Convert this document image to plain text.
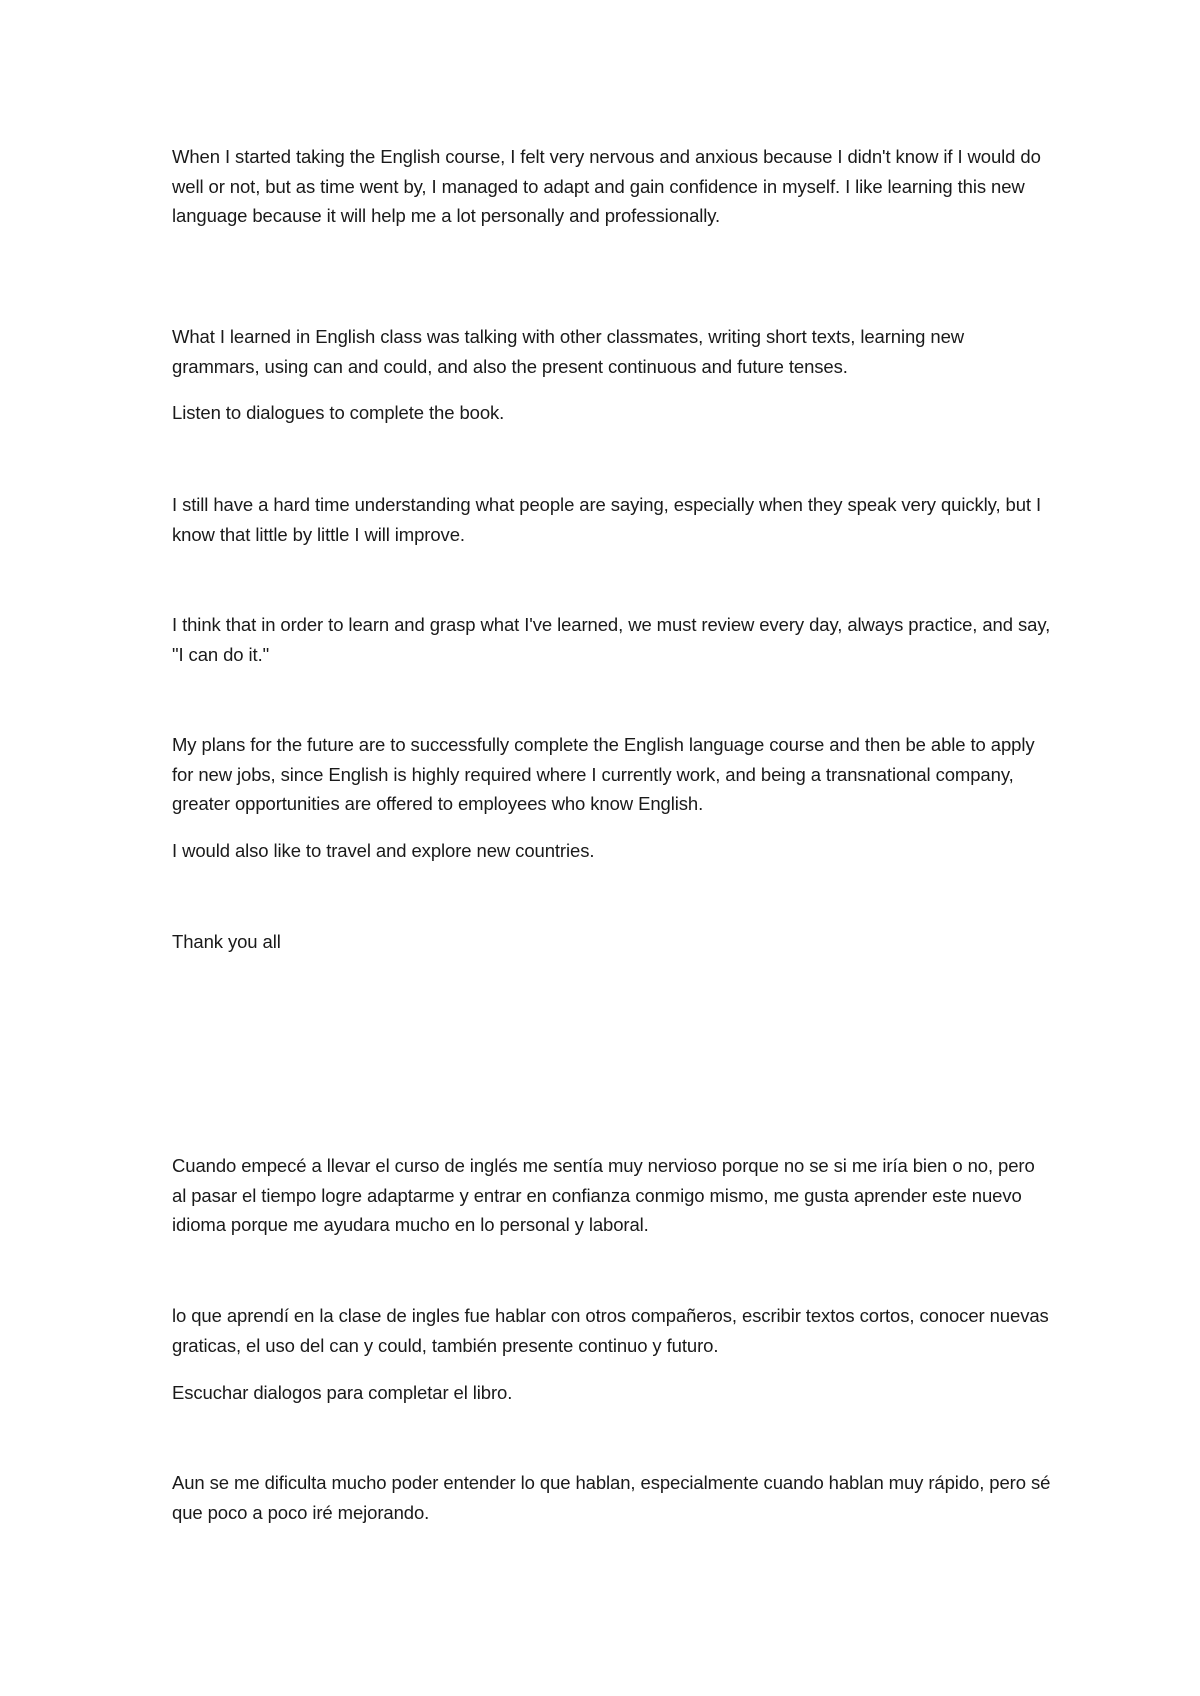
When I started taking the English course, I felt very nervous and anxious because I didn't know if I would do well or not, but as time went by, I managed to adapt and gain confidence in myself. I like learning this new language because it will help me a lot personally and professionally.

What I learned in English class was talking with other classmates, writing short texts, learning new grammars, using can and could, and also the present continuous and future tenses.

Listen to dialogues to complete the book.

I still have a hard time understanding what people are saying, especially when they speak very quickly, but I know that little by little I will improve.

I think that in order to learn and grasp what I've learned, we must review every day, always practice, and say, "I can do it."

My plans for the future are to successfully complete the English language course and then be able to apply for new jobs, since English is highly required where I currently work, and being a transnational company, greater opportunities are offered to employees who know English.

I would also like to travel and explore new countries.

Thank you all

Cuando empecé a llevar el curso de inglés me sentía muy nervioso porque no se si me iría bien o no, pero al pasar el tiempo logre adaptarme y entrar en confianza conmigo mismo, me gusta aprender este nuevo idioma porque me ayudara mucho en lo personal y laboral.

lo que aprendí en la clase de ingles fue hablar con otros compañeros, escribir textos cortos, conocer nuevas graticas, el uso del can y could, también presente continuo y futuro.

Escuchar dialogos para completar el libro.

Aun se me dificulta mucho poder entender lo que hablan, especialmente cuando hablan muy rápido, pero sé que poco a poco iré mejorando.
